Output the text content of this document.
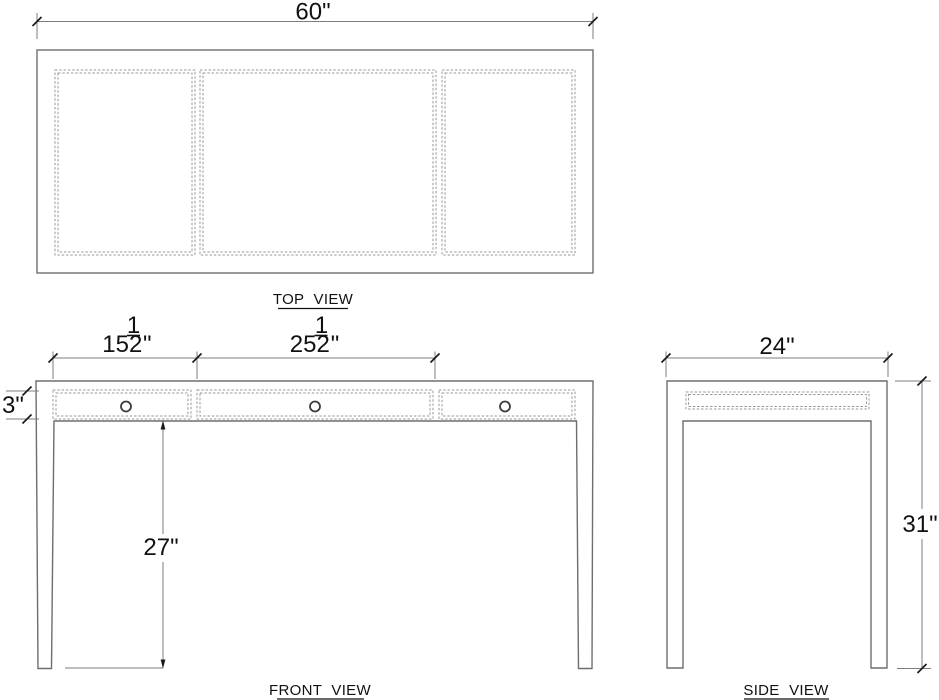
60"
TOP VIEW
15
1
2 "	25
1
2 "
3"
27"
FRONT VIEW
24"
31"
SIDE VIEW
